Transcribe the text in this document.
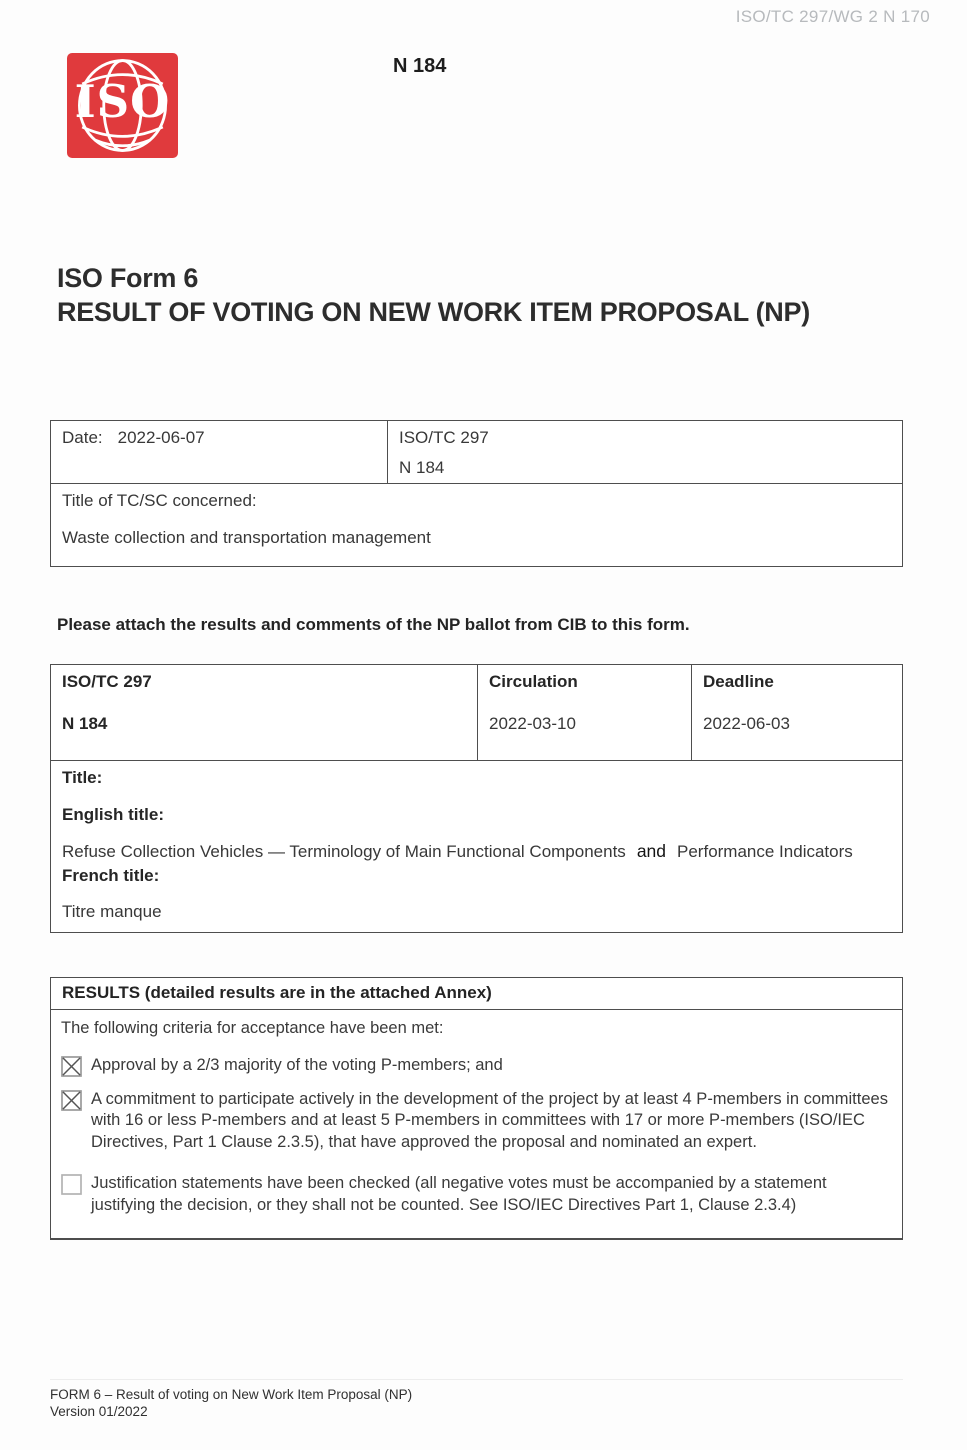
ISO/TC 297/WG 2 N 170
ISO
N 184
ISO Form 6
RESULT OF VOTING ON NEW WORK ITEM PROPOSAL (NP)
Date: 2022-06-07	ISO/TC 297
N 184
Title of TC/SC concerned:
Waste collection and transportation management
Please attach the results and comments of the NP ballot from CIB to this form.
ISO/TC 297
N 184
Circulation
2022-03-10
Deadline
2022-06-03

Title:

English title:

Refuse Collection Vehicles — Terminology of Main Functional Components and Performance Indicators

French title:

Titre manque

RESULTS (detailed results are in the attached Annex)

The following criteria for acceptance have been met:

Approval by a 2/3 majority of the voting P-members; and

A commitment to participate actively in the development of the project by at least 4 P-members in committees with 16 or less P-members and at least 5 P-members in committees with 17 or more P-members (ISO/IEC Directives, Part 1 Clause 2.3.5), that have approved the proposal and nominated an expert.

Justification statements have been checked (all negative votes must be accompanied by a statement justifying the decision, or they shall not be counted. See ISO/IEC Directives Part 1, Clause 2.3.4)

FORM 6 – Result of voting on New Work Item Proposal (NP)
Version 01/2022
